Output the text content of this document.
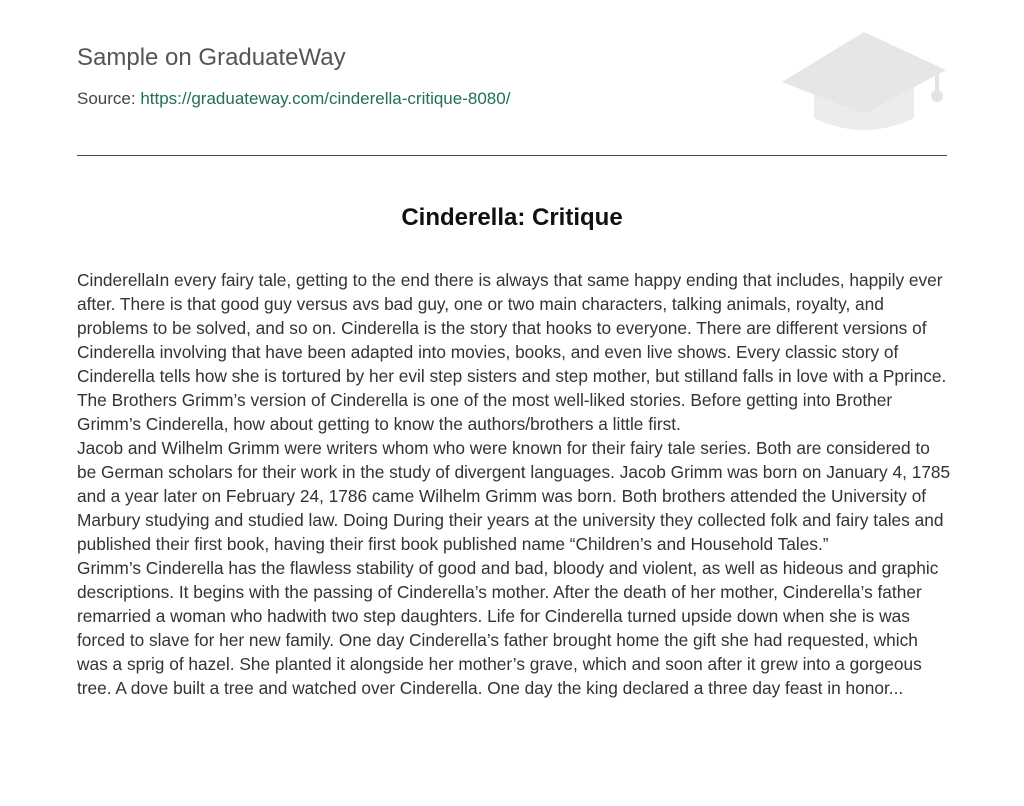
Sample on GraduateWay
Source: https://graduateway.com/cinderella-critique-8080/
Cinderella: Critique

CinderellaIn every fairy tale, getting to the end there is always that same happy ending that includes, happily ever after. There is that good guy versus avs bad guy, one or two main characters, talking animals, royalty, and problems to be solved, and so on. Cinderella is the story that hooks to everyone. There are different versions of Cinderella involving that have been adapted into movies, books, and even live shows. Every classic story of Cinderella tells how she is tortured by her evil step sisters and step mother, but stilland falls in love with a Pprince. The Brothers Grimm’s version of Cinderella is one of the most well-liked stories. Before getting into Brother Grimm’s Cinderella, how about getting to know the authors/brothers a little first.

Jacob and Wilhelm Grimm were writers whom who were known for their fairy tale series. Both are considered to be German scholars for their work in the study of divergent languages. Jacob Grimm was born on January 4, 1785 and a year later on February 24, 1786 came Wilhelm Grimm was born. Both brothers attended the University of Marbury studying and studied law. Doing During their years at the university they collected folk and fairy tales and published their first book, having their first book published name “Children’s and Household Tales.”

Grimm’s Cinderella has the flawless stability of good and bad, bloody and violent, as well as hideous and graphic descriptions. It begins with the passing of Cinderella’s mother. After the death of her mother, Cinderella’s father remarried a woman who hadwith two step daughters. Life for Cinderella turned upside down when she is was forced to slave for her new family. One day Cinderella’s father brought home the gift she had requested, which was a sprig of hazel. She planted it alongside her mother’s grave, which and soon after it grew into a gorgeous tree. A dove built a tree and watched over Cinderella. One day the king declared a three day feast in honor...
